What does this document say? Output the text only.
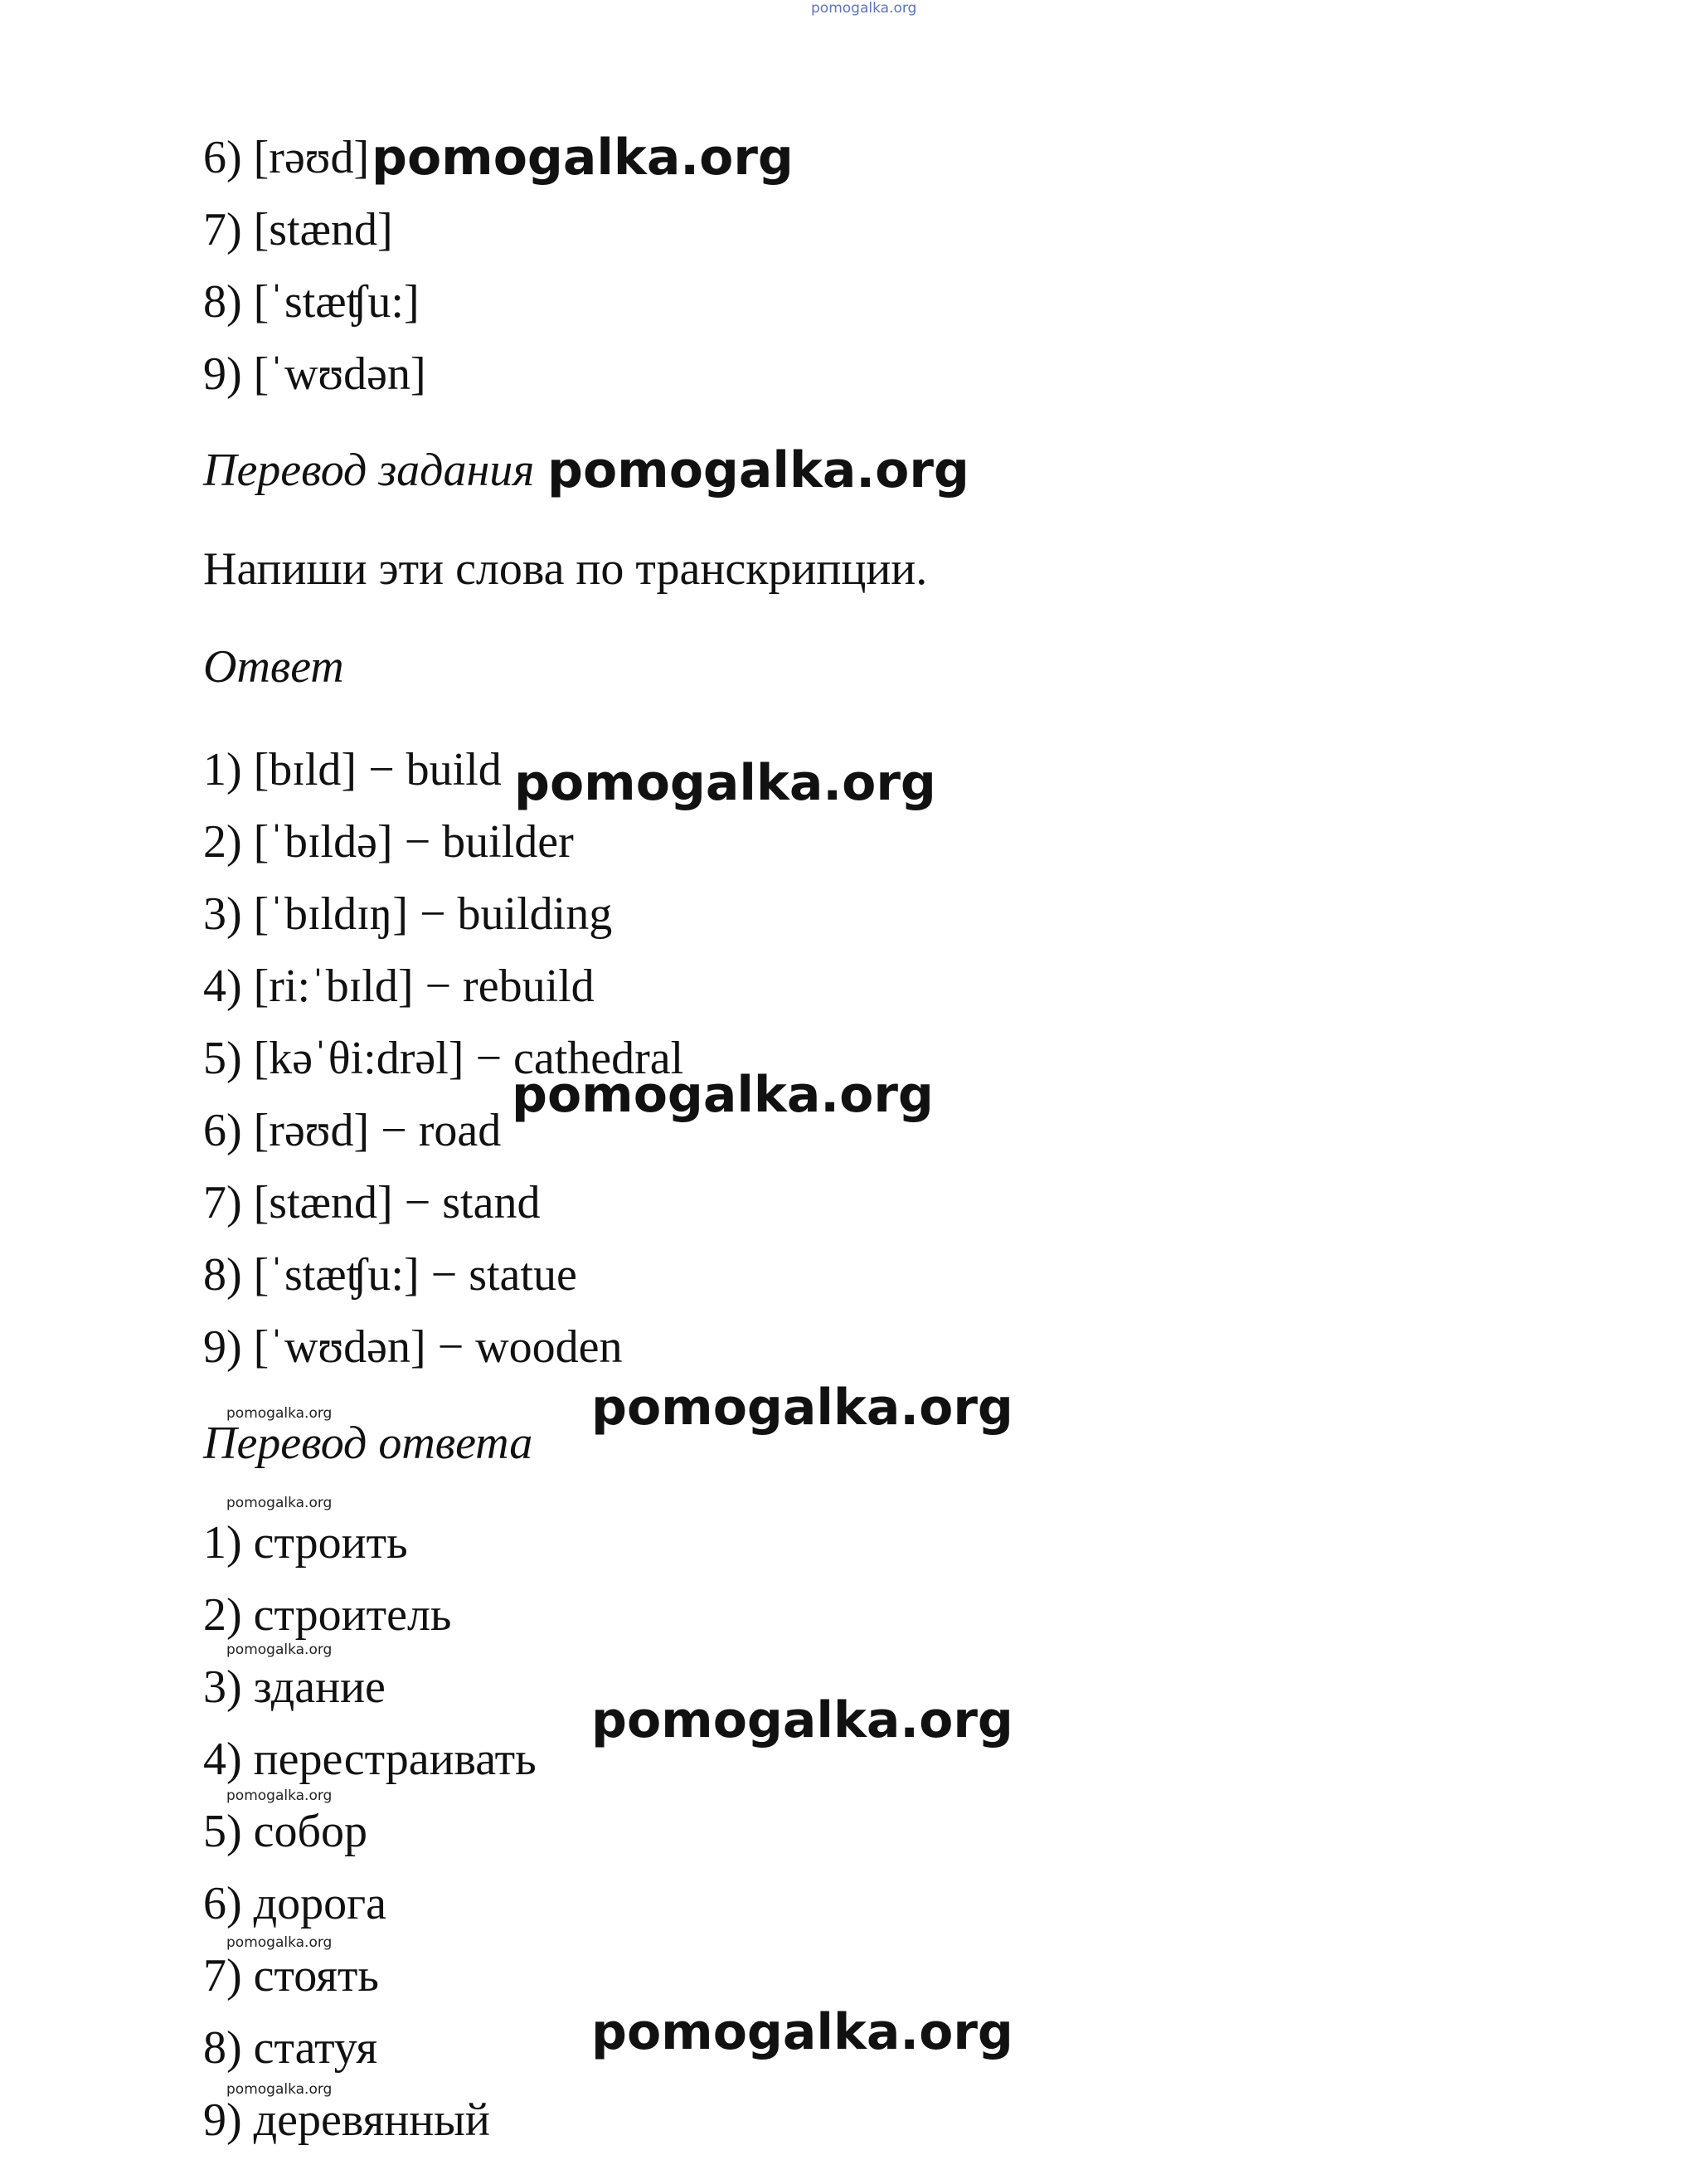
pomogalka.org
6) [rəʊd]
7) [stænd]
8) [ˈstæʧu:]
9) [ˈwʊdən]
Перевод задания
Напиши эти слова по транскрипции.
Ответ
1) [bɪld] − build
2) [ˈbɪldə] − builder
3) [ˈbɪldɪŋ] − building
4) [ri:ˈbɪld] − rebuild
5) [kəˈθi:drəl] − cathedral
6) [rəʊd] − road
7) [stænd] − stand
8) [ˈstæʧu:] − statue
9) [ˈwʊdən] − wooden
Перевод ответа
1) строить
2) строитель
3) здание
4) перестраивать
5) собор
6) дорога
7) стоять
8) статуя
9) деревянный
pomogalka.org
pomogalka.org
pomogalka.org
pomogalka.org
pomogalka.org
pomogalka.org
pomogalka.org
pomogalka.org
pomogalka.org
pomogalka.org
pomogalka.org
pomogalka.org
pomogalka.org
